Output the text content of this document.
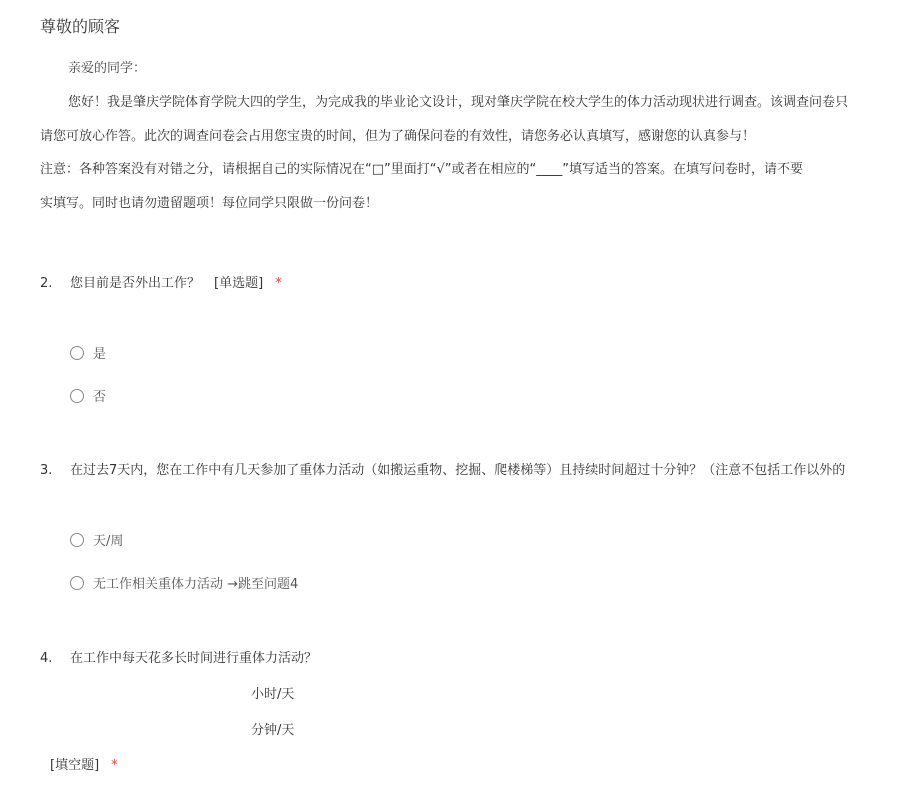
尊敬的顾客
亲爱的同学：
您好！我是肇庆学院体育学院大四的学生，为完成我的毕业论文设计，现对肇庆学院在校大学生的体力活动现状进行调查。该调查问卷只
请您可放心作答。此次的调查问卷会占用您宝贵的时间，但为了确保问卷的有效性，请您务必认真填写，感谢您的认真参与！
注意：各种答案没有对错之分，请根据自己的实际情况在“□”里面打“√”或者在相应的“____”填写适当的答案。在填写问卷时，请不要
实填写。同时也请勿遗留题项！每位同学只限做一份问卷！
2. 您目前是否外出工作？ [单选题] *
是
否
3. 在过去7天内，您在工作中有几天参加了重体力活动（如搬运重物、挖掘、爬楼梯等）且持续时间超过十分钟？（注意不包括工作以外的
天/周
无工作相关重体力活动 →跳至问题4
4. 在工作中每天花多长时间进行重体力活动？
小时/天
分钟/天
[填空题] *
